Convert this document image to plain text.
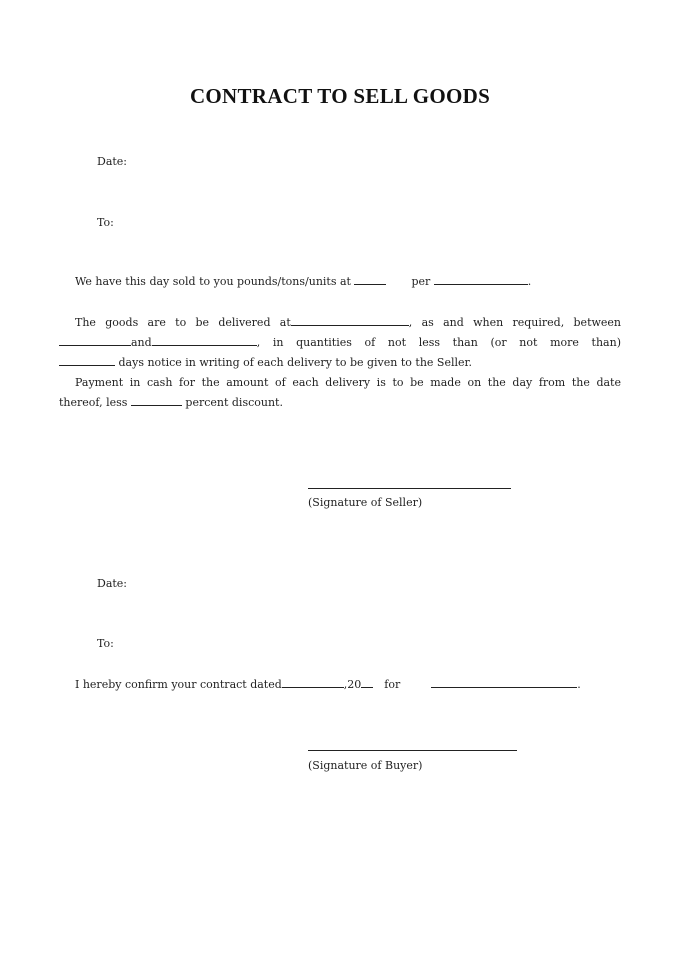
CONTRACT TO SELL GOODS
Date:
To:
We have this day sold to you pounds/tons/units at	per	.
The goods are to be delivered at	, as and when required, between
and	, in quantities of not less than (or not more than)
days notice in writing of each delivery to be given to the Seller.
Payment in cash for the amount of each delivery is to be made on the day from the date
thereof, less	percent discount.
(Signature of Seller)
Date:
To:
I hereby confirm your contract dated	,20 for	.
(Signature of Buyer)
